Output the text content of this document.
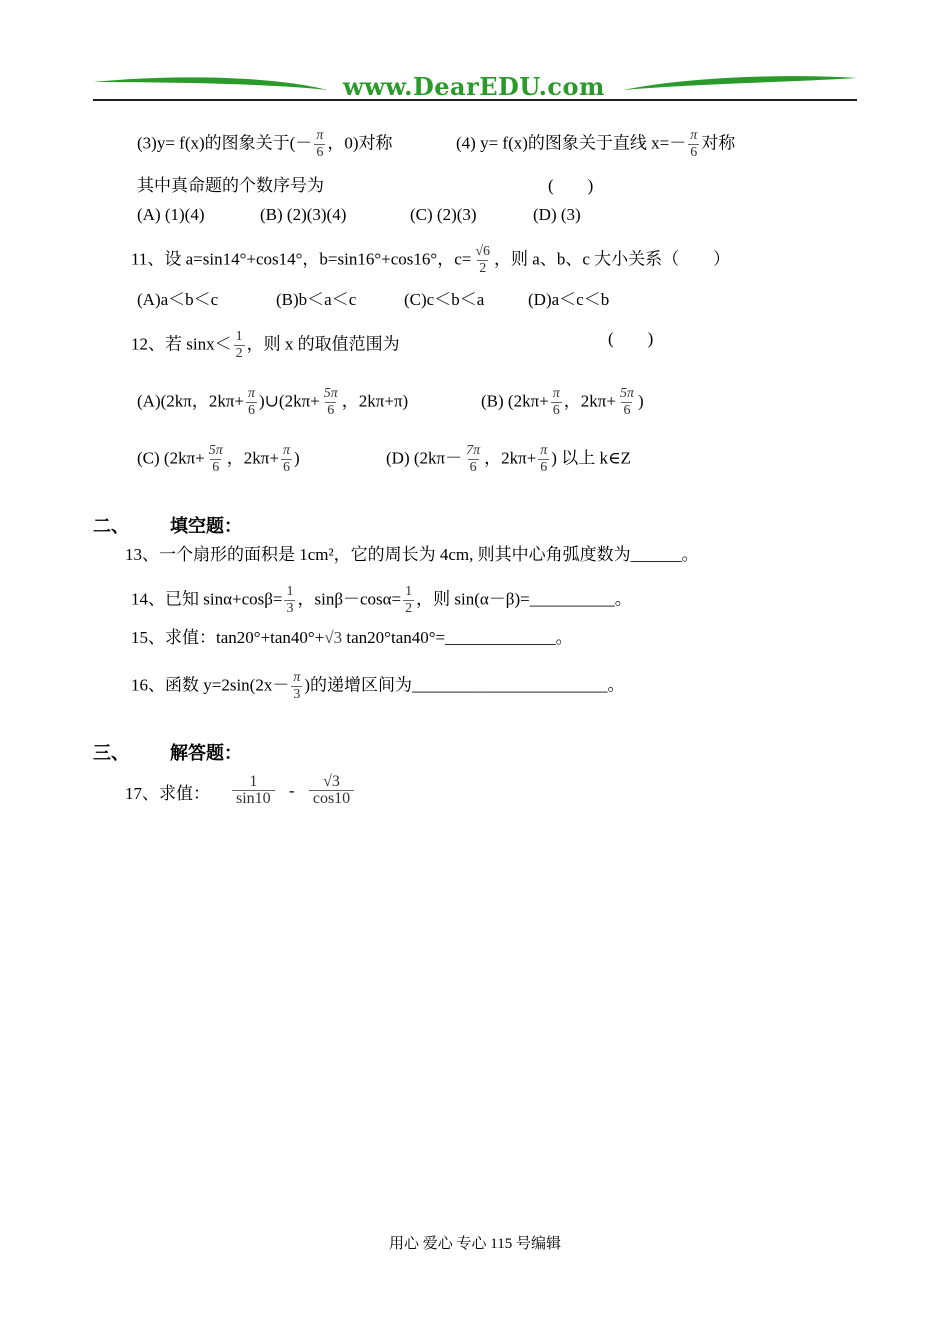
www.DearEDU.com
(3)y= f(x)的图象关于(－ $\frac{\pi}{6}$ ，0)对称	(4) y= f(x)的图象关于直线 $x=- \frac{\pi}{6}$ 对称
其中真命题的个数序号为	(　　)
(A) (1)(4)	(B) (2)(3)(4)	(C) (2)(3)	(D) (3)
11、设 a=sin14°+cos14°，b=sin16°+cos16°，$c= \frac{√6}{2}$ ，则 a、b、c 大小关系（　　）
(A)a＜b＜c	(B)b＜a＜c	(C)c＜b＜a	(D)a＜c＜b
12、若 $\sin x< \frac{1}{2}$ ，则 x 的取值范围为	(　　)
(A)(2kπ，$2k\pi+ \frac{\pi}{6}$ )∪(2kπ+ $\frac{5\pi}{6}$ ，2kπ+π)	(B) ($2k\pi+ \frac{\pi}{6}$ ，$2k\pi+ \frac{5\pi}{6}$ )
(C) ($2k\pi+ \frac{5\pi}{6}$ ，$2k\pi+ \frac{\pi}{6}$ )	(D) ($2k\pi- \frac{7\pi}{6}$ ，$2k\pi+ \frac{\pi}{6}$ ) 以上 k∈Z
二、 填空题：
13、一个扇形的面积是 1cm²，它的周长为 4cm, 则其中心角弧度数为______。
14、已知 $\sin\alpha+\cos\beta= \frac{1}{3}$ ，$\sin\beta-\cos\alpha= \frac{1}{2}$ ，则 sin(α－β)=__________。
15、求值：tan20°+tan40°+√3 tan20°tan40°=_____________。
16、函数 $y=2\sin(2x- \frac{\pi}{3}$ )的递增区间为_______________________。
三、 解答题：
17、求值： $\frac{1}{\sin 10} - \frac{√3}{\cos 10}$
用心 爱心 专心 115 号编辑
